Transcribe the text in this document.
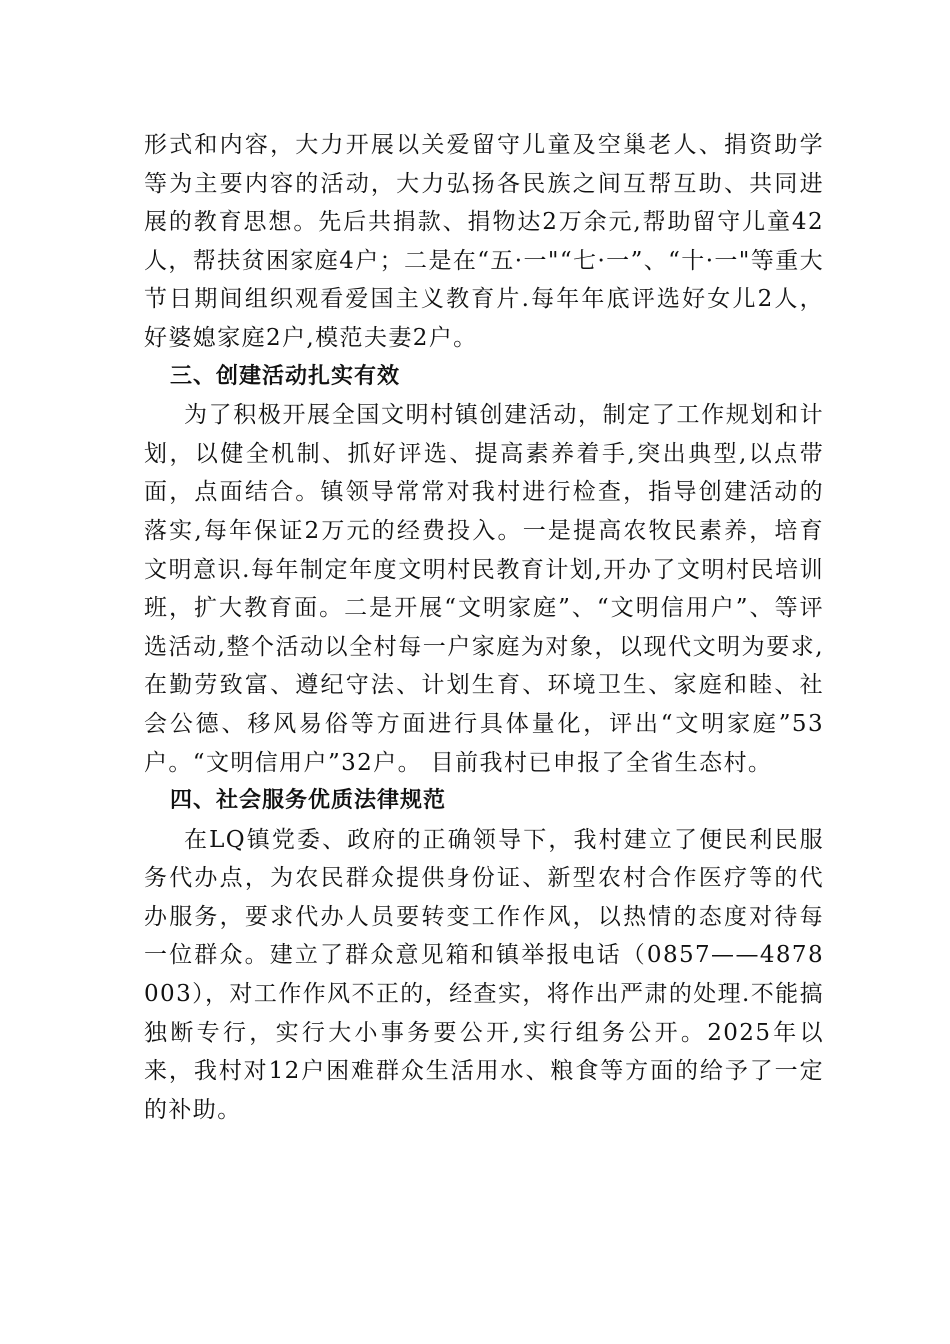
形式和内容，大力开展以关爱留守儿童及空巢老人、捐资助学等为主要内容的活动，大力弘扬各民族之间互帮互助、共同进展的教育思想。先后共捐款、捐物达2万余元,帮助留守儿童42人，帮扶贫困家庭4户；二是在“五·一"“七·一”、“十·一"等重大节日期间组织观看爱国主义教育片.每年年底评选好女儿2人，好婆媳家庭2户,模范夫妻2户。

三、创建活动扎实有效

为了积极开展全国文明村镇创建活动，制定了工作规划和计划，以健全机制、抓好评选、提高素养着手,突出典型,以点带面，点面结合。镇领导常常对我村进行检查，指导创建活动的落实,每年保证2万元的经费投入。一是提高农牧民素养，培育文明意识.每年制定年度文明村民教育计划,开办了文明村民培训班，扩大教育面。二是开展“文明家庭”、“文明信用户”、等评选活动,整个活动以全村每一户家庭为对象，以现代文明为要求,在勤劳致富、遵纪守法、计划生育、环境卫生、家庭和睦、社会公德、移风易俗等方面进行具体量化，评出“文明家庭”53户。“文明信用户”32户。 目前我村已申报了全省生态村。

四、社会服务优质法律规范

在LQ镇党委、政府的正确领导下，我村建立了便民利民服务代办点，为农民群众提供身份证、新型农村合作医疗等的代办服务，要求代办人员要转变工作作风，以热情的态度对待每一位群众。建立了群众意见箱和镇举报电话（0857——4878003），对工作作风不正的，经查实，将作出严肃的处理.不能搞独断专行，实行大小事务要公开,实行组务公开。2025年以来，我村对12户困难群众生活用水、粮食等方面的给予了一定的补助。
